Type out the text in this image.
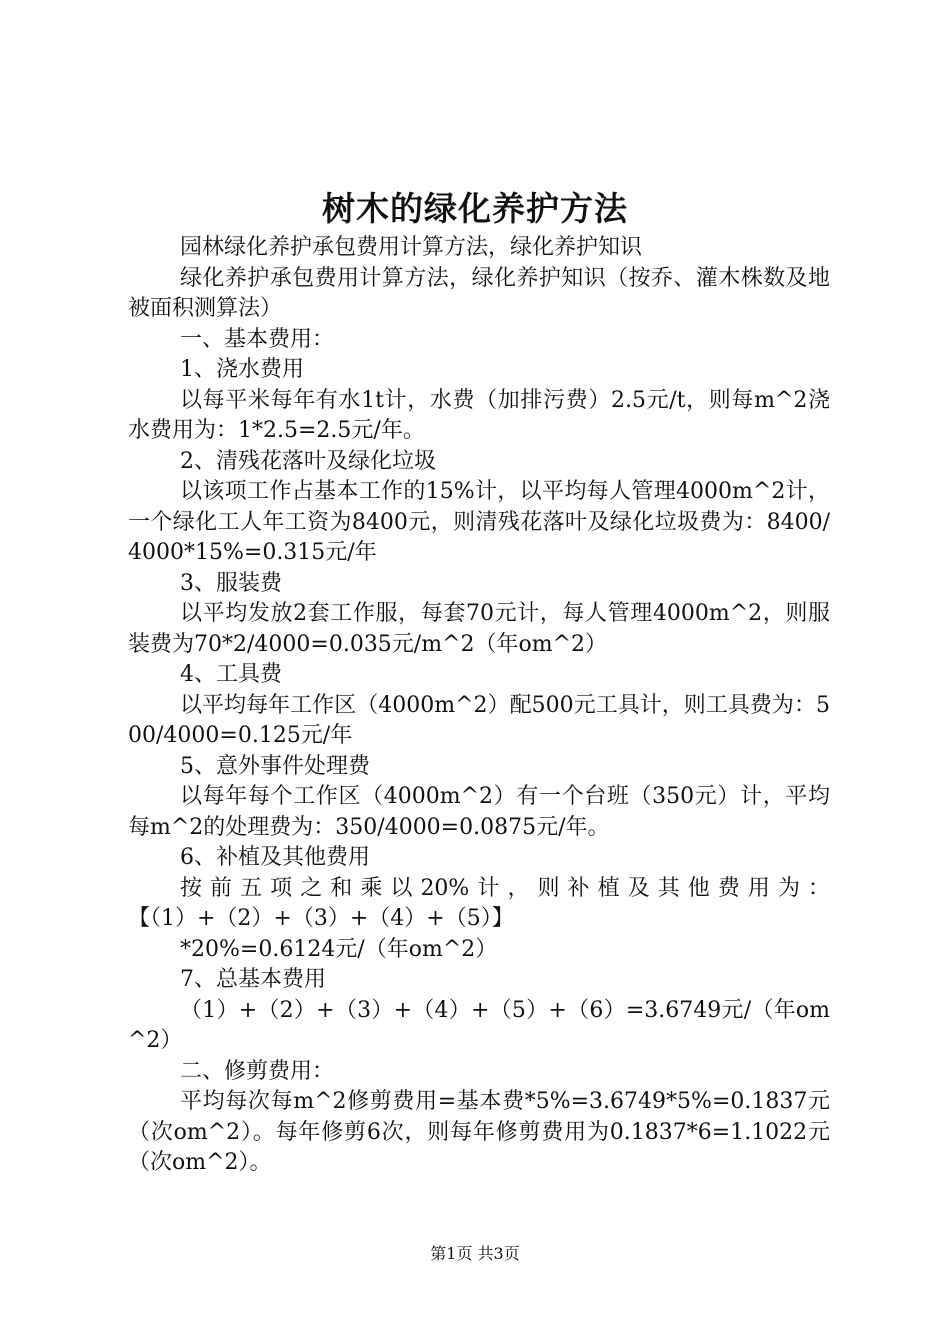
树木的绿化养护方法

园林绿化养护承包费用计算方法，绿化养护知识

绿化养护承包费用计算方法，绿化养护知识（按乔、灌木株数及地被面积测算法）

一、基本费用：

1、浇水费用

以每平米每年有水1t计，水费（加排污费）2.5元/t，则每m^2浇水费用为：1*2.5=2.5元/年。

2、清残花落叶及绿化垃圾

以该项工作占基本工作的15%计，以平均每人管理4000m^2计，一个绿化工人年工资为8400元，则清残花落叶及绿化垃圾费为：8400/4000*15%=0.315元/年

3、服装费

以平均发放2套工作服，每套70元计，每人管理4000m^2，则服装费为70*2/4000=0.035元/m^2（年om^2）

4、工具费

以平均每年工作区（4000m^2）配500元工具计，则工具费为：500/4000=0.125元/年

5、意外事件处理费

以每年每个工作区（4000m^2）有一个台班（350元）计，平均每m^2的处理费为：350/4000=0.0875元/年。

6、补植及其他费用

按前五项之和乘以20%计，则补植及其他费用为：

【（1）+（2）+（3）+（4）+（5）】

*20%=0.6124元/（年om^2）

7、总基本费用

（1）+（2）+（3）+（4）+（5）+（6）=3.6749元/（年om^2）

二、修剪费用：

平均每次每m^2修剪费用=基本费*5%=3.6749*5%=0.1837元（次om^2）。每年修剪6次，则每年修剪费用为0.1837*6=1.1022元（次om^2）。

第1页 共3页
